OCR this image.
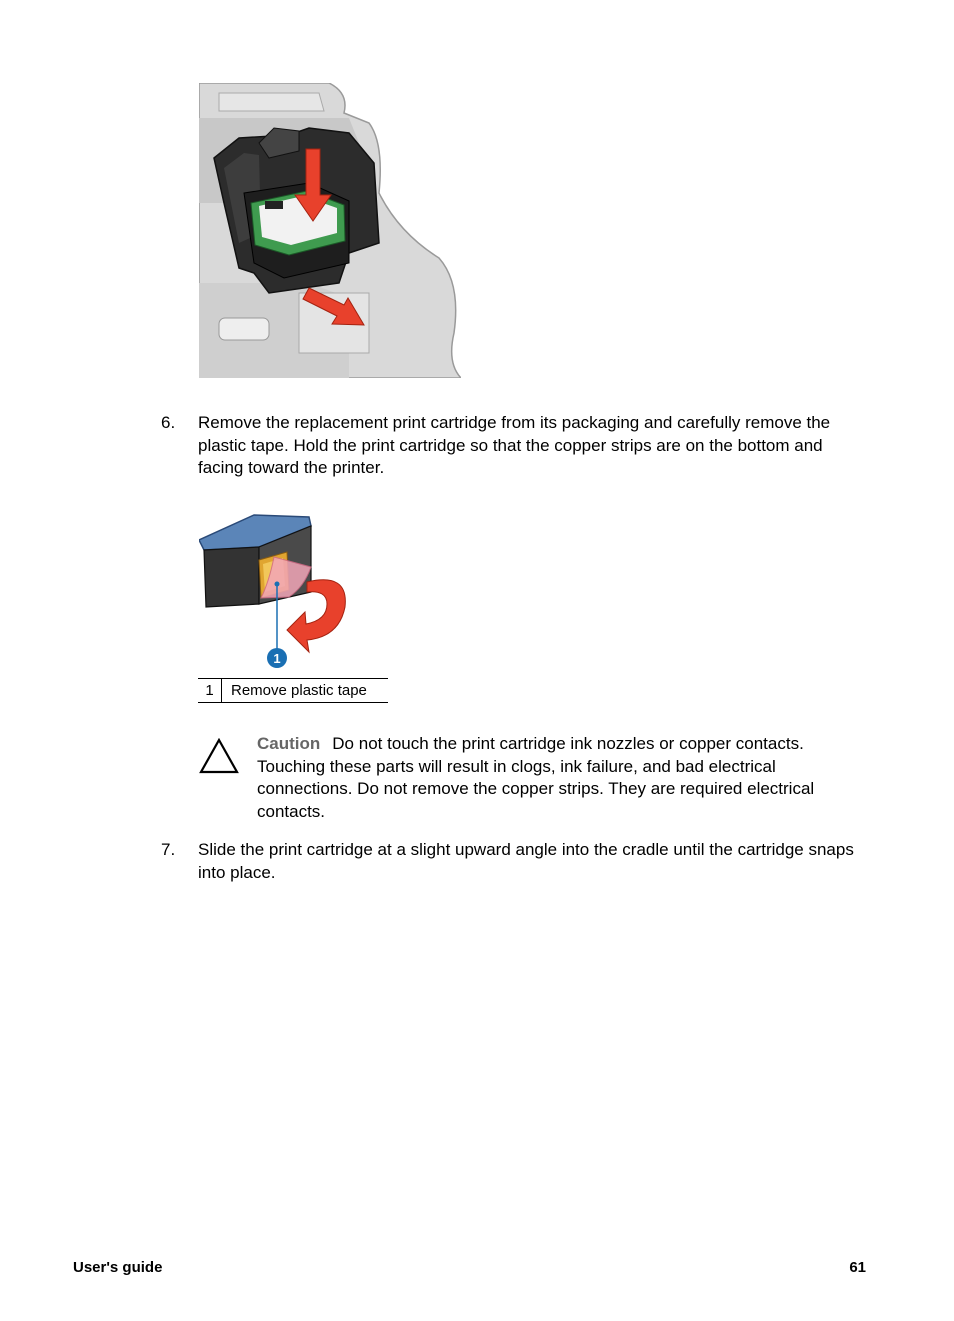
6. Remove the replacement print cartridge from its packaging and carefully remove the plastic tape. Hold the print cartridge so that the copper strips are on the bottom and facing toward the printer.
1
1	Remove plastic tape
Caution Do not touch the print cartridge ink nozzles or copper contacts. Touching these parts will result in clogs, ink failure, and bad electrical connections. Do not remove the copper strips. They are required electrical contacts.
7. Slide the print cartridge at a slight upward angle into the cradle until the cartridge snaps into place.
User's guide	61
